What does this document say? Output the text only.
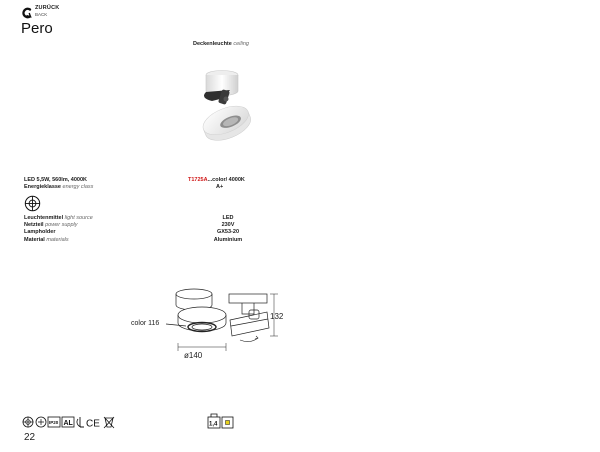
ZURÜCK
BACK
Pero
Deckenleuchte ceiling
LED 5,5W, 560lm, 4000K
Energieklasse energy class
T1725A...color/ 4000K
A+
Leuchtenmittel light source
Netzteil power supply
Lampholder
Material materials
LED
230V
GX53-20
Aluminium
color 116
ø140
132
IP20 AL CE	1,4
22
